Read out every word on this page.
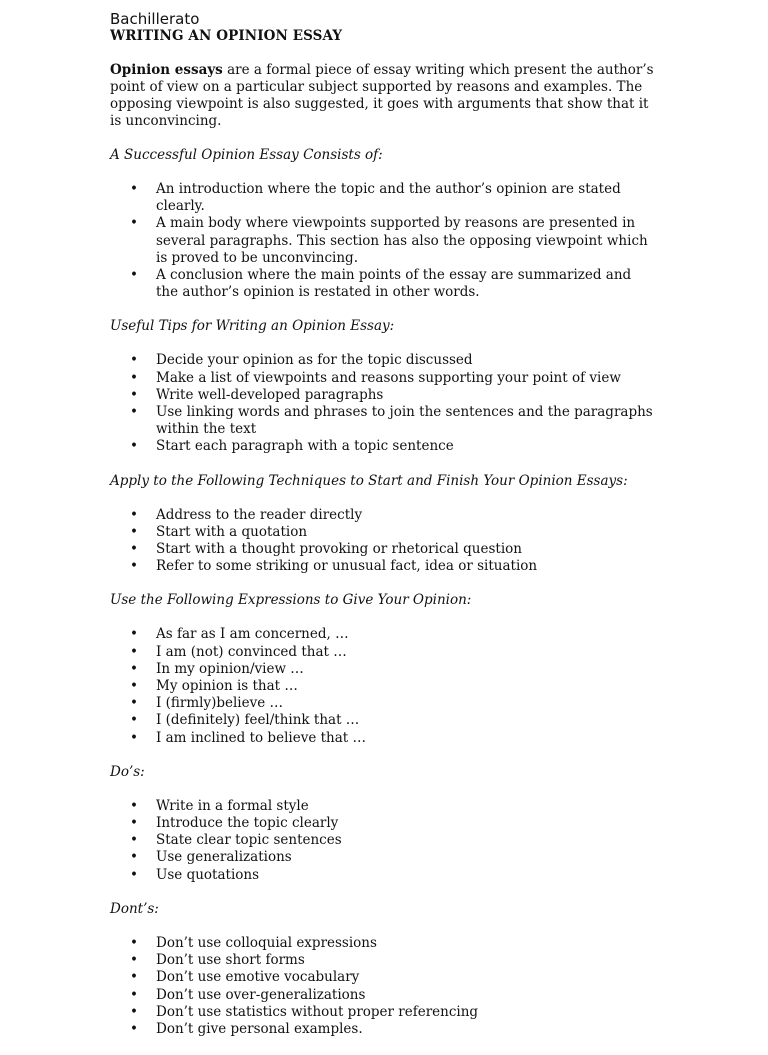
Bachillerato

WRITING AN OPINION ESSAY

Opinion essays are a formal piece of essay writing which present the author’s point of view on a particular subject supported by reasons and examples. The opposing viewpoint is also suggested, it goes with arguments that show that it is unconvincing.

A Successful Opinion Essay Consists of:

• An introduction where the topic and the author’s opinion are stated clearly.
• A main body where viewpoints supported by reasons are presented in several paragraphs. This section has also the opposing viewpoint which is proved to be unconvincing.
• A conclusion where the main points of the essay are summarized and the author’s opinion is restated in other words.

Useful Tips for Writing an Opinion Essay:

• Decide your opinion as for the topic discussed
• Make a list of viewpoints and reasons supporting your point of view
• Write well-developed paragraphs
• Use linking words and phrases to join the sentences and the paragraphs within the text
• Start each paragraph with a topic sentence

Apply to the Following Techniques to Start and Finish Your Opinion Essays:

• Address to the reader directly
• Start with a quotation
• Start with a thought provoking or rhetorical question
• Refer to some striking or unusual fact, idea or situation

Use the Following Expressions to Give Your Opinion:

• As far as I am concerned, …
• I am (not) convinced that …
• In my opinion/view …
• My opinion is that …
• I (firmly)believe …
• I (definitely) feel/think that …
• I am inclined to believe that …

Do’s:

• Write in a formal style
• Introduce the topic clearly
• State clear topic sentences
• Use generalizations
• Use quotations

Dont’s:

• Don’t use colloquial expressions
• Don’t use short forms
• Don’t use emotive vocabulary
• Don’t use over-generalizations
• Don’t use statistics without proper referencing
• Don’t give personal examples.
